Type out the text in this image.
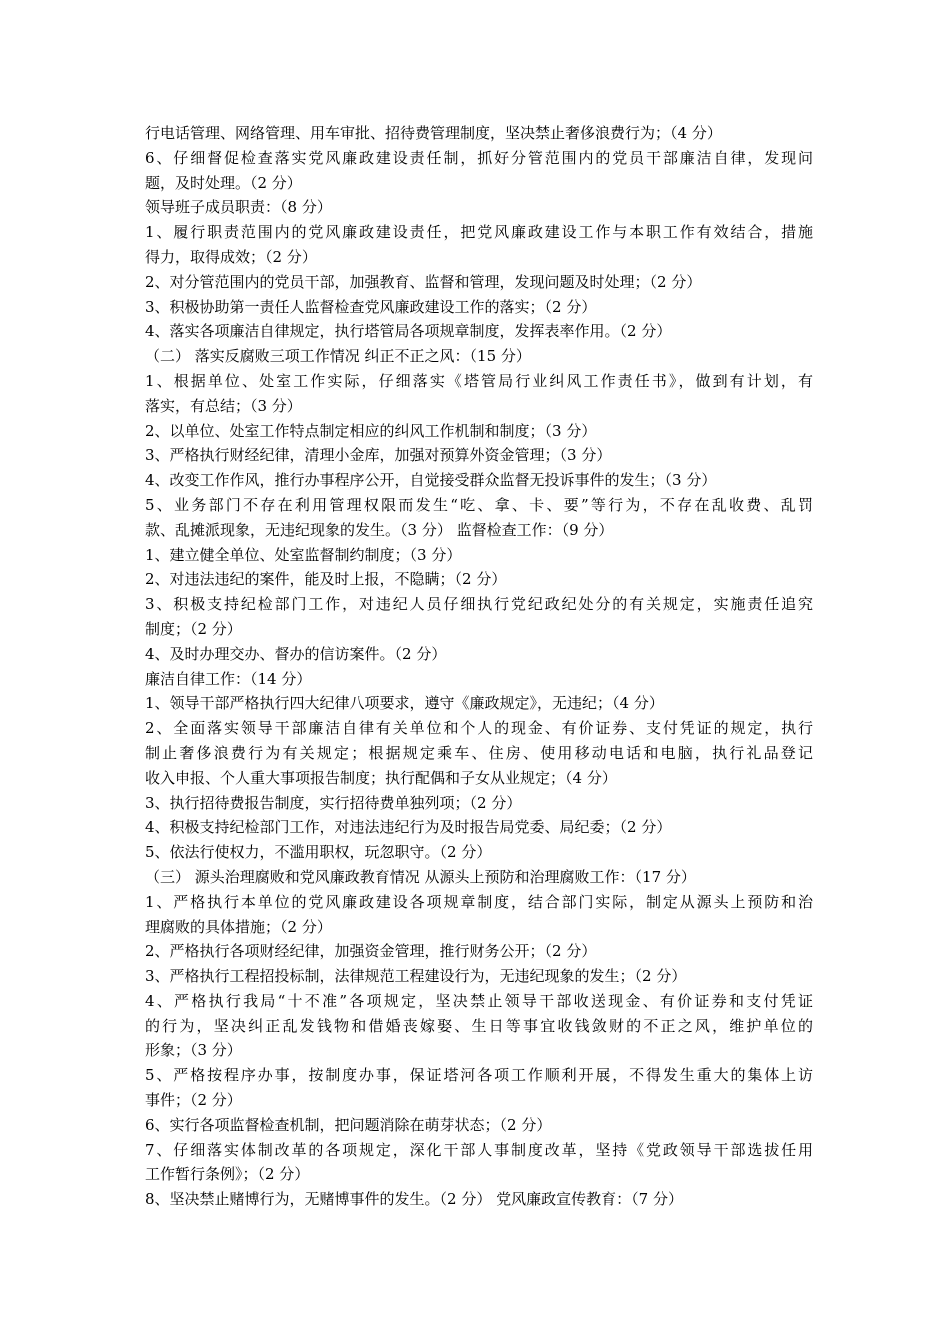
行电话管理、网络管理、用车审批、招待费管理制度，坚决禁止奢侈浪费行为；（4 分）
6、仔细督促检查落实党风廉政建设责任制，抓好分管范围内的党员干部廉洁自律，发现问
题，及时处理。（2 分）
领导班子成员职责：（8 分）
1、履行职责范围内的党风廉政建设责任，把党风廉政建设工作与本职工作有效结合，措施
得力，取得成效；（2 分）
2、对分管范围内的党员干部，加强教育、监督和管理，发现问题及时处理；（2 分）
3、积极协助第一责任人监督检查党风廉政建设工作的落实；（2 分）
4、落实各项廉洁自律规定，执行塔管局各项规章制度，发挥表率作用。（2 分）
（二） 落实反腐败三项工作情况 纠正不正之风：（15 分）
1、根据单位、处室工作实际，仔细落实《塔管局行业纠风工作责任书》，做到有计划，有
落实，有总结；（3 分）
2、以单位、处室工作特点制定相应的纠风工作机制和制度；（3 分）
3、严格执行财经纪律，清理小金库，加强对预算外资金管理；（3 分）
4、改变工作作风，推行办事程序公开，自觉接受群众监督无投诉事件的发生；（3 分）
5、业务部门不存在利用管理权限而发生“吃、拿、卡、要”等行为，不存在乱收费、乱罚
款、乱摊派现象，无违纪现象的发生。（3 分） 监督检查工作：（9 分）
1、建立健全单位、处室监督制约制度；（3 分）
2、对违法违纪的案件，能及时上报，不隐瞒；（2 分）
3、积极支持纪检部门工作，对违纪人员仔细执行党纪政纪处分的有关规定，实施责任追究
制度；（2 分）
4、及时办理交办、督办的信访案件。（2 分）
廉洁自律工作：（14 分）
1、领导干部严格执行四大纪律八项要求，遵守《廉政规定》，无违纪；（4 分）
2、全面落实领导干部廉洁自律有关单位和个人的现金、有价证券、支付凭证的规定，执行
制止奢侈浪费行为有关规定；根据规定乘车、住房、使用移动电话和电脑，执行礼品登记
收入申报、个人重大事项报告制度；执行配偶和子女从业规定；（4 分）
3、执行招待费报告制度，实行招待费单独列项；（2 分）
4、积极支持纪检部门工作，对违法违纪行为及时报告局党委、局纪委；（2 分）
5、依法行使权力，不滥用职权，玩忽职守。（2 分）
（三） 源头治理腐败和党风廉政教育情况 从源头上预防和治理腐败工作：（17 分）
1、严格执行本单位的党风廉政建设各项规章制度，结合部门实际，制定从源头上预防和治
理腐败的具体措施；（2 分）
2、严格执行各项财经纪律，加强资金管理，推行财务公开；（2 分）
3、严格执行工程招投标制，法律规范工程建设行为，无违纪现象的发生；（2 分）
4、严格执行我局“十不准”各项规定，坚决禁止领导干部收送现金、有价证券和支付凭证
的行为，坚决纠正乱发钱物和借婚丧嫁娶、生日等事宜收钱敛财的不正之风，维护单位的
形象；（3 分）
5、严格按程序办事，按制度办事，保证塔河各项工作顺利开展，不得发生重大的集体上访
事件；（2 分）
6、实行各项监督检查机制，把问题消除在萌芽状态；（2 分）
7、仔细落实体制改革的各项规定，深化干部人事制度改革，坚持《党政领导干部选拔任用
工作暂行条例》；（2 分）
8、坚决禁止赌博行为，无赌博事件的发生。（2 分） 党风廉政宣传教育：（7 分）
